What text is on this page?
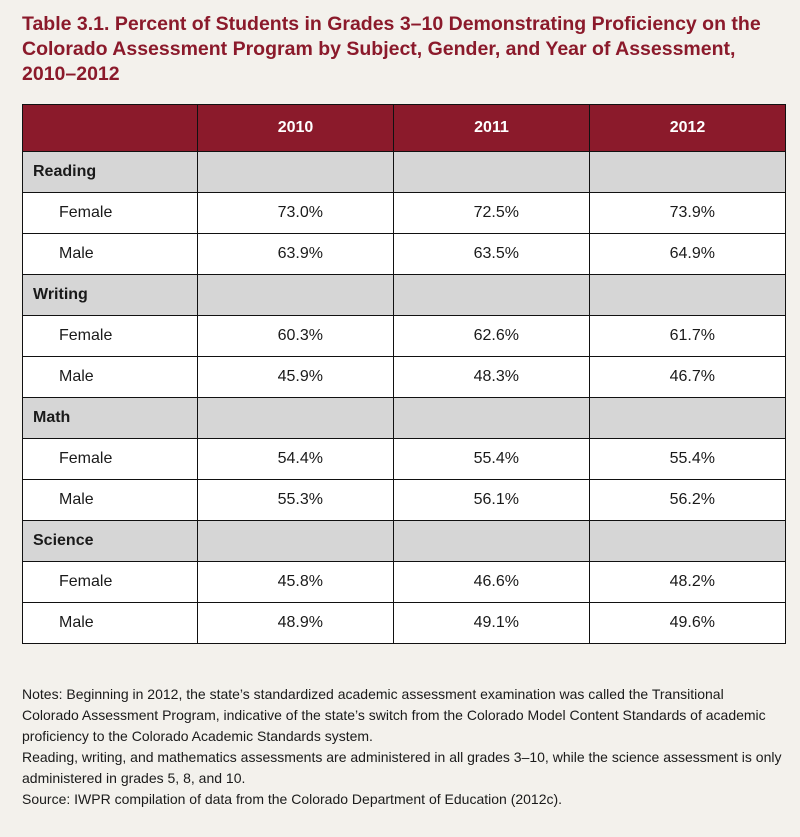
Table 3.1. Percent of Students in Grades 3–10 Demonstrating Proficiency on the Colorado Assessment Program by Subject, Gender, and Year of Assessment, 2010–2012
	2010	2011	2012
Reading			
Female	73.0%	72.5%	73.9%
Male	63.9%	63.5%	64.9%
Writing			
Female	60.3%	62.6%	61.7%
Male	45.9%	48.3%	46.7%
Math			
Female	54.4%	55.4%	55.4%
Male	55.3%	56.1%	56.2%
Science			
Female	45.8%	46.6%	48.2%
Male	48.9%	49.1%	49.6%

Notes: Beginning in 2012, the state’s standardized academic assessment examination was called the Transitional Colorado Assessment Program, indicative of the state’s switch from the Colorado Model Content Standards of academic proficiency to the Colorado Academic Standards system.

Reading, writing, and mathematics assessments are administered in all grades 3–10, while the science assessment is only administered in grades 5, 8, and 10.

Source: IWPR compilation of data from the Colorado Department of Education (2012c).
